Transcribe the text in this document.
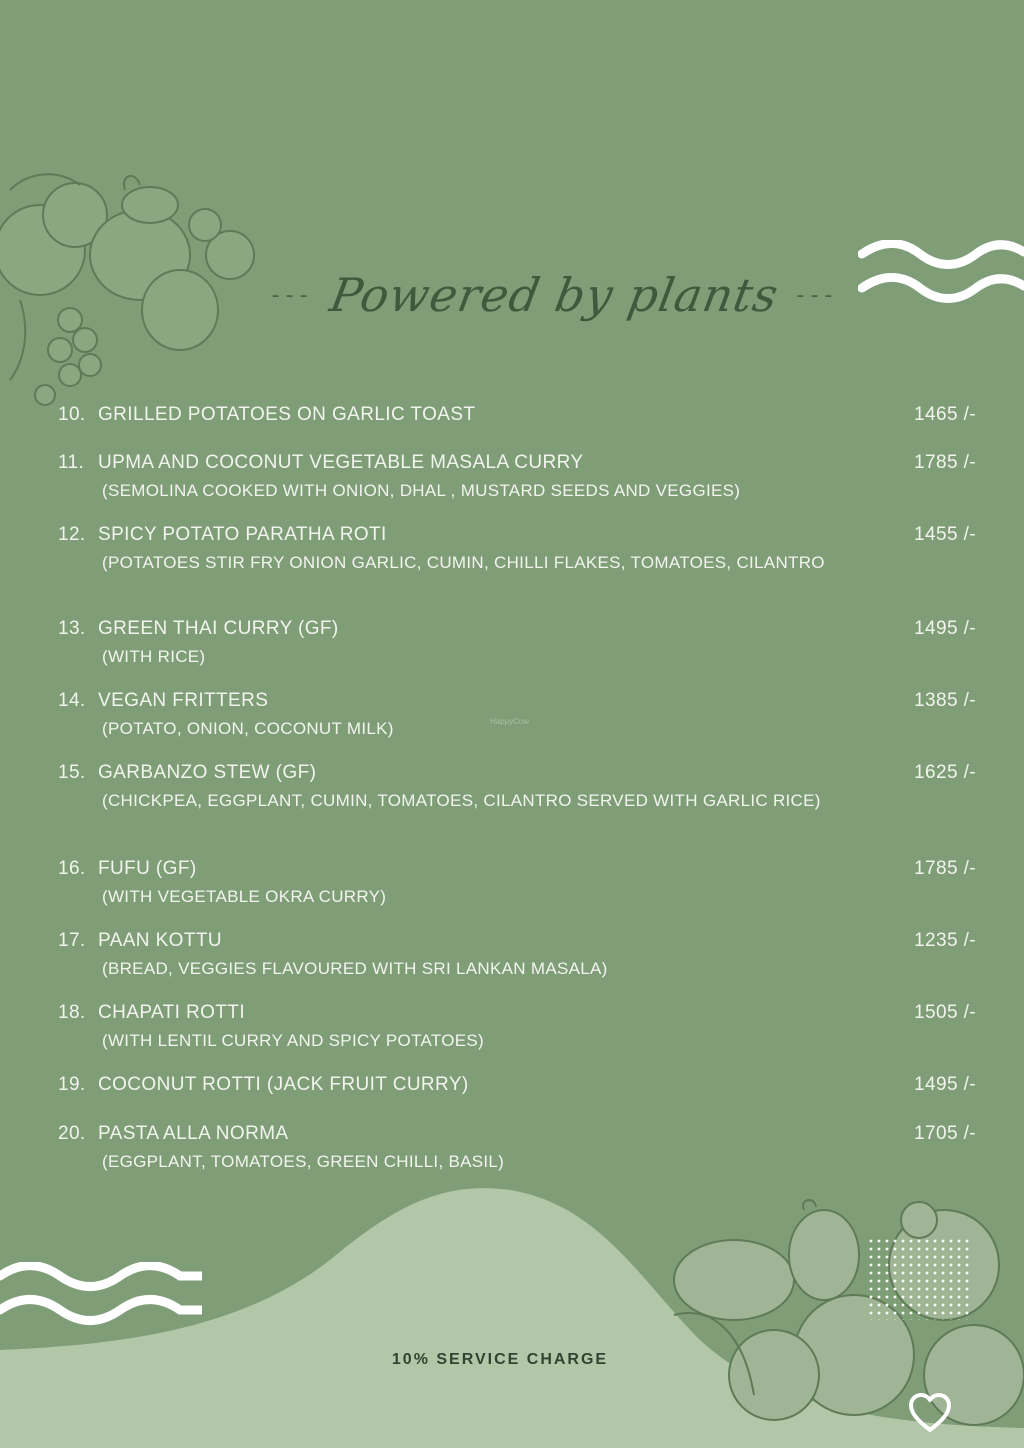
--- Powered by plants ---
10. GRILLED POTATOES ON GARLIC TOAST	1465 /-
11. UPMA AND COCONUT VEGETABLE MASALA CURRY	1785 /-
(SEMOLINA COOKED WITH ONION, DHAL , MUSTARD SEEDS AND VEGGIES)
12. SPICY POTATO PARATHA ROTI	1455 /-
(POTATOES STIR FRY ONION GARLIC, CUMIN, CHILLI FLAKES, TOMATOES, CILANTRO
13. GREEN THAI CURRY (GF)	1495 /-
(WITH RICE)
14. VEGAN FRITTERS	1385 /-
(POTATO, ONION, COCONUT MILK)
15. GARBANZO STEW (GF)	1625 /-
(CHICKPEA, EGGPLANT, CUMIN, TOMATOES, CILANTRO SERVED WITH GARLIC RICE)
16. FUFU (GF)	1785 /-
(WITH VEGETABLE OKRA CURRY)
17. PAAN KOTTU	1235 /-
(BREAD, VEGGIES FLAVOURED WITH SRI LANKAN MASALA)
18. CHAPATI ROTTI	1505 /-
(WITH LENTIL CURRY AND SPICY POTATOES)
19. COCONUT ROTTI (JACK FRUIT CURRY)	1495 /-
20. PASTA ALLA NORMA	1705 /-
(EGGPLANT, TOMATOES, GREEN CHILLI, BASIL)
HappyCow
10% SERVICE CHARGE
